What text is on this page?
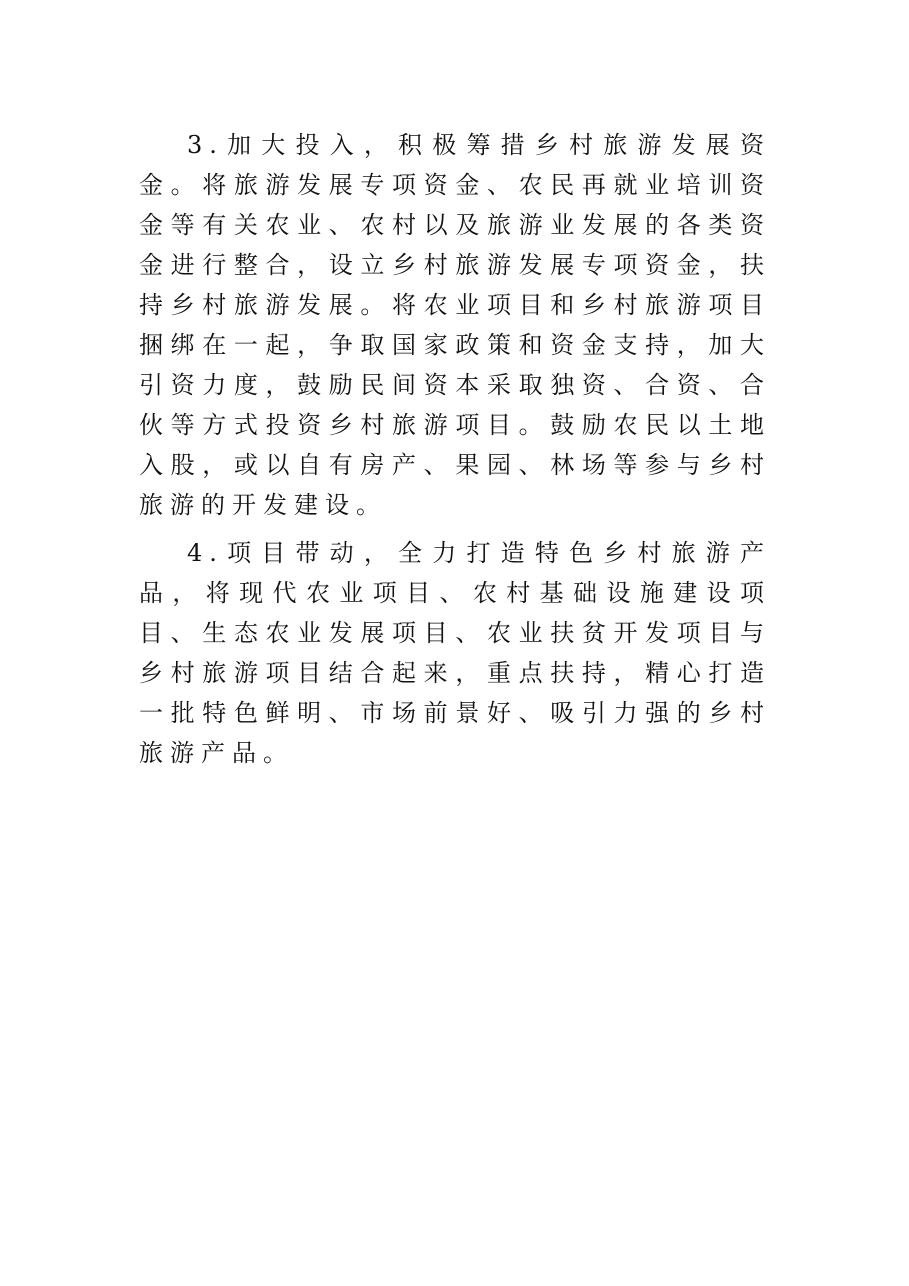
3.加大投入，积极筹措乡村旅游发展资金。将旅游发展专项资金、农民再就业培训资金等有关农业、农村以及旅游业发展的各类资金进行整合，设立乡村旅游发展专项资金，扶持乡村旅游发展。将农业项目和乡村旅游项目捆绑在一起，争取国家政策和资金支持，加大引资力度，鼓励民间资本采取独资、合资、合伙等方式投资乡村旅游项目。鼓励农民以土地入股，或以自有房产、果园、林场等参与乡村旅游的开发建设。

4.项目带动，全力打造特色乡村旅游产品，将现代农业项目、农村基础设施建设项目、生态农业发展项目、农业扶贫开发项目与乡村旅游项目结合起来，重点扶持，精心打造一批特色鲜明、市场前景好、吸引力强的乡村旅游产品。
